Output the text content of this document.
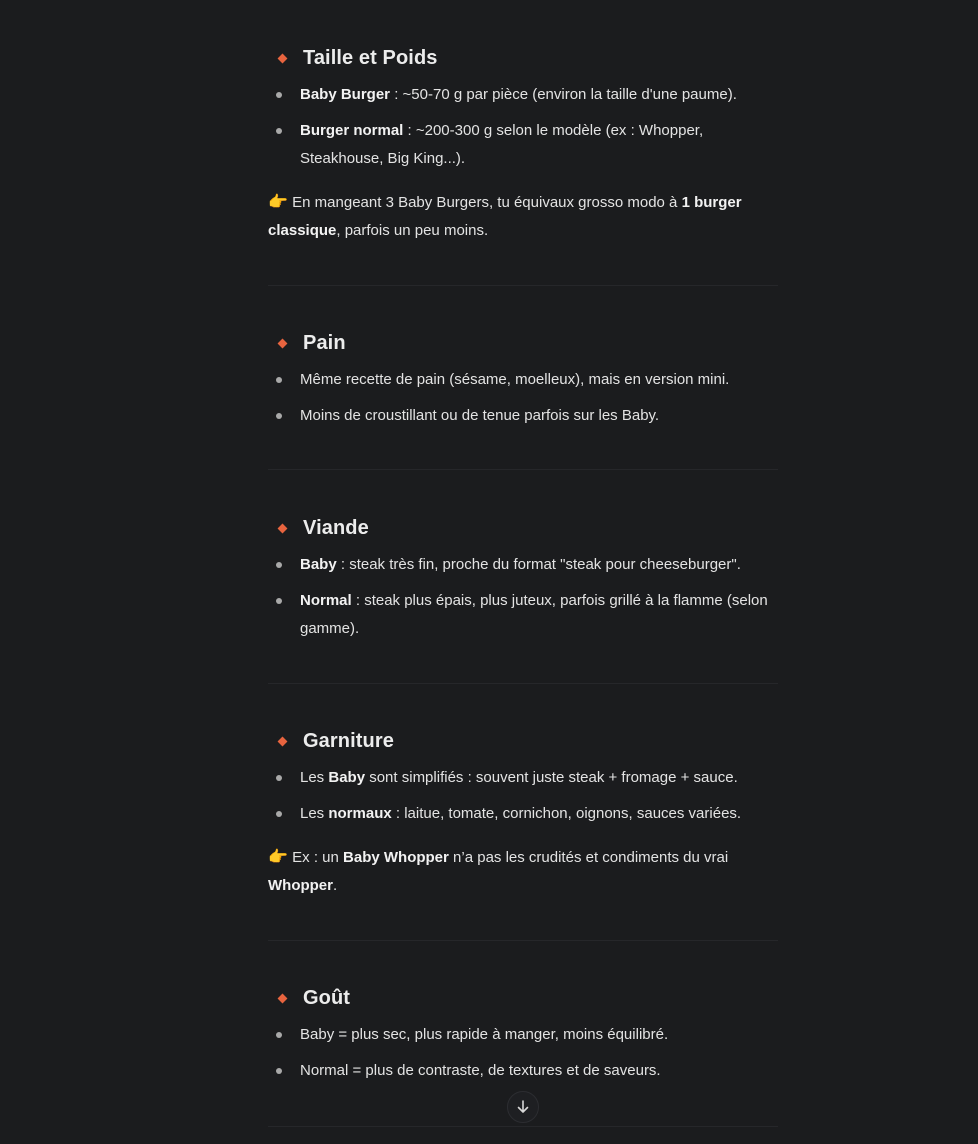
Taille et Poids
Baby Burger : ~50-70 g par pièce (environ la taille d'une paume).
Burger normal : ~200-300 g selon le modèle (ex : Whopper, Steakhouse, Big King...).
👉 En mangeant 3 Baby Burgers, tu équivaux grosso modo à 1 burger classique, parfois un peu moins.
Pain
Même recette de pain (sésame, moelleux), mais en version mini.
Moins de croustillant ou de tenue parfois sur les Baby.
Viande
Baby : steak très fin, proche du format "steak pour cheeseburger".
Normal : steak plus épais, plus juteux, parfois grillé à la flamme (selon gamme).
Garniture
Les Baby sont simplifiés : souvent juste steak + fromage + sauce.
Les normaux : laitue, tomate, cornichon, oignons, sauces variées.
👉 Ex : un Baby Whopper n’a pas les crudités et condiments du vrai Whopper.
Goût
Baby = plus sec, plus rapide à manger, moins équilibré.
Normal = plus de contraste, de textures et de saveurs.
